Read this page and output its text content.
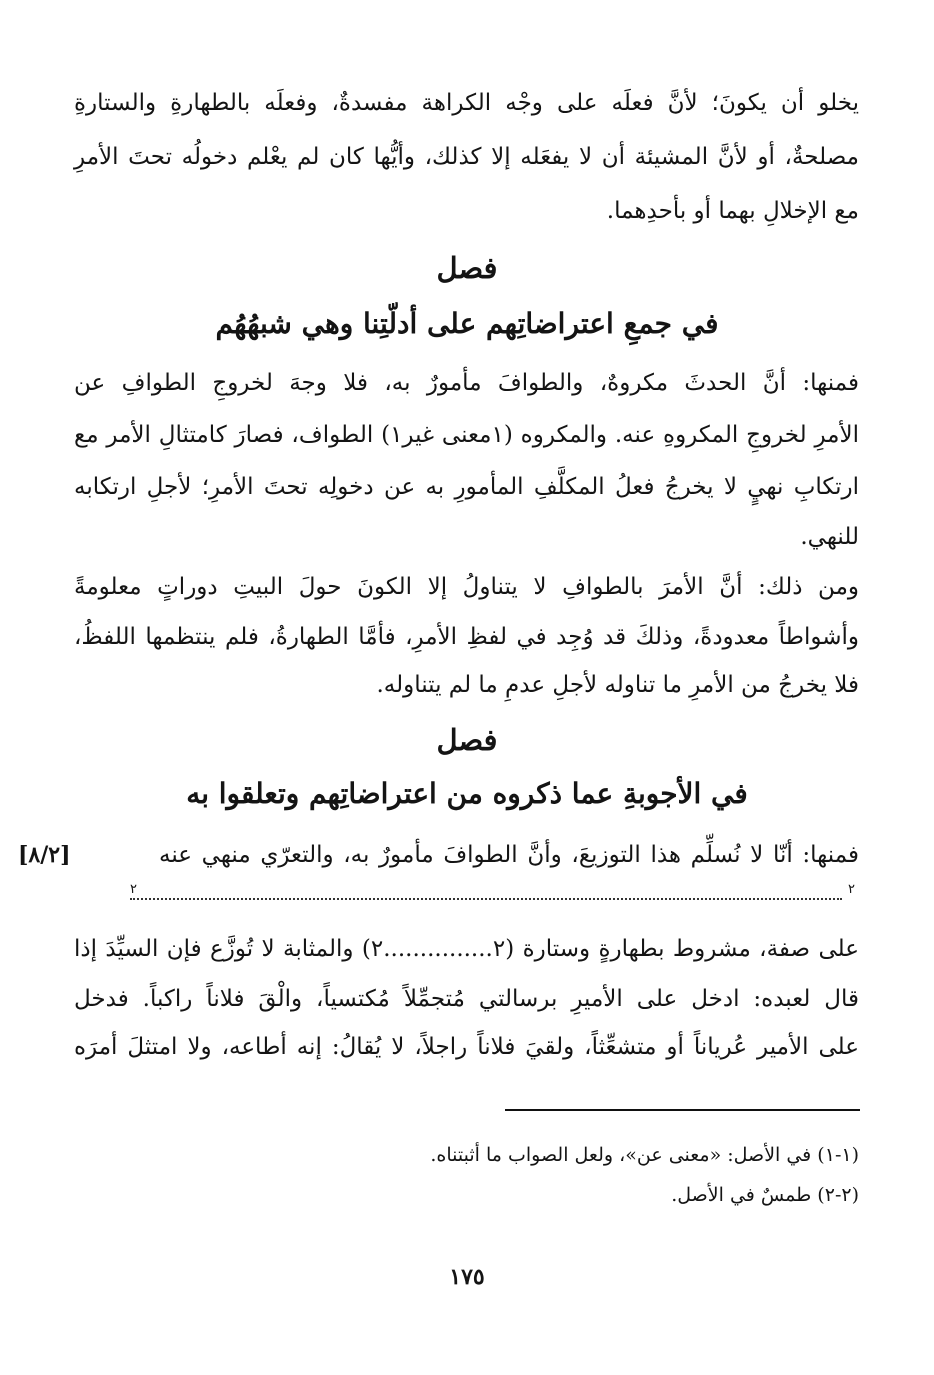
يخلو أن يكونَ؛ لأنَّ فعلَه على وجْه الكراهة مفسدةٌ، وفعلَه بالطهارةِ والستارةِ
مصلحةٌ، أو لأنَّ المشيئة أن لا يفعَله إلا كذلك، وأيُّها كان لم يعْلم دخولُه تحتَ الأمرِ
مع الإخلالِ بهما أو بأحدِهما.
فصل
في جمعِ اعتراضاتِهم على أدلّتِنا وهي شبهُهُم
فمنها: أنَّ الحدثَ مكروهٌ، والطوافَ مأمورٌ به، فلا وجهَ لخروجِ الطوافِ عن
الأمرِ لخروجِ المكروهِ عنه. والمكروه (١معنى غير١) الطواف، فصارَ كامتثالِ الأمر مع
ارتكابِ نهيٍ لا يخرجُ فعلُ المكلَّفِ المأمورِ به عن دخولِه تحتَ الأمرِ؛ لأجلِ ارتكابه
للنهي.
ومن ذلك: أنَّ الأمرَ بالطوافِ لا يتناولُ إلا الكونَ حولَ البيتِ دوراتٍ معلومةً
وأشواطاً معدودةً، وذلكَ قد وُجِد في لفظِ الأمرِ، فأمَّا الطهارةُ، فلم ينتظمها اللفظُ،
فلا يخرجُ من الأمرِ ما تناوله لأجلِ عدمِ ما لم يتناوله.
فصل
في الأجوبةِ عما ذكروه من اعتراضاتِهم وتعلقوا به
فمنها: أنّا لا نُسلِّم هذا التوزيعَ، وأنَّ الطوافَ مأمورٌ به، والتعرّي منهي عنه
[٨/٢]
٢	٢
على صفة، مشروط بطهارةٍ وستارة (٢...............٢) والمثابة لا تُوزَّع فإن السيِّدَ إذا
قال لعبده: ادخل على الأميرِ برسالتي مُتجمِّلاً مُكتسياً، والْقَ فلاناً راكباً. فدخل
على الأمير عُرياناً أو متشعِّثاً، ولقيَ فلاناً راجلاً، لا يُقالُ: إنه أطاعه، ولا امتثلَ أمرَه
(١-١) في الأصل: «معنى عن»، ولعل الصواب ما أثبتناه.
(٢-٢) طمسٌ في الأصل.
١٧٥
